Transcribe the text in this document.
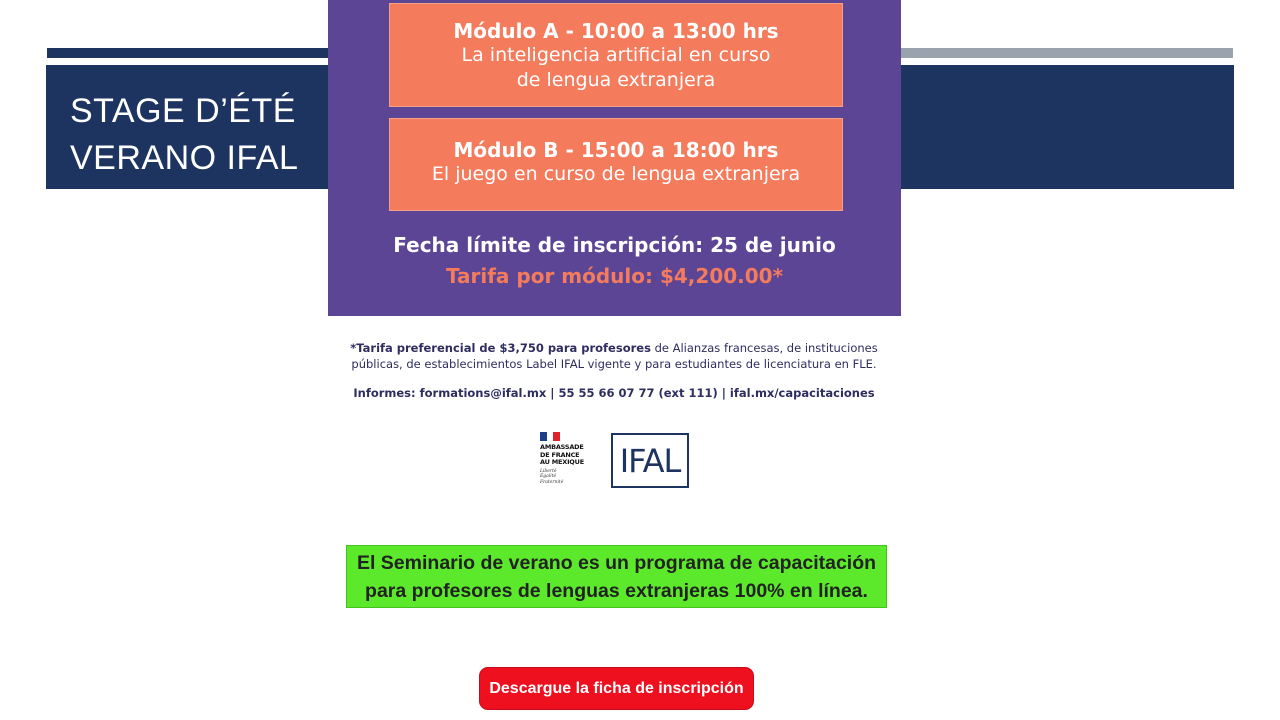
STAGE D’ÉTÉ
VERANO IFAL
Módulo A - 10:00 a 13:00 hrs
La inteligencia artificial en curso
de lengua extranjera
Módulo B - 15:00 a 18:00 hrs
El juego en curso de lengua extranjera
Fecha límite de inscripción: 25 de junio
Tarifa por módulo: $4,200.00*
*Tarifa preferencial de $3,750 para profesores de Alianzas francesas, de instituciones
públicas, de establecimientos Label IFAL vigente y para estudiantes de licenciatura en FLE.
Informes: formations@ifal.mx | 55 55 66 07 77 (ext 111) | ifal.mx/capacitaciones
AMBASSADE
DE FRANCE
AU MEXIQUE
Liberté
Égalité
Fraternité
IFAL
El Seminario de verano es un programa de capacitación
para profesores de lenguas extranjeras 100% en línea.
Descargue la ficha de inscripción
